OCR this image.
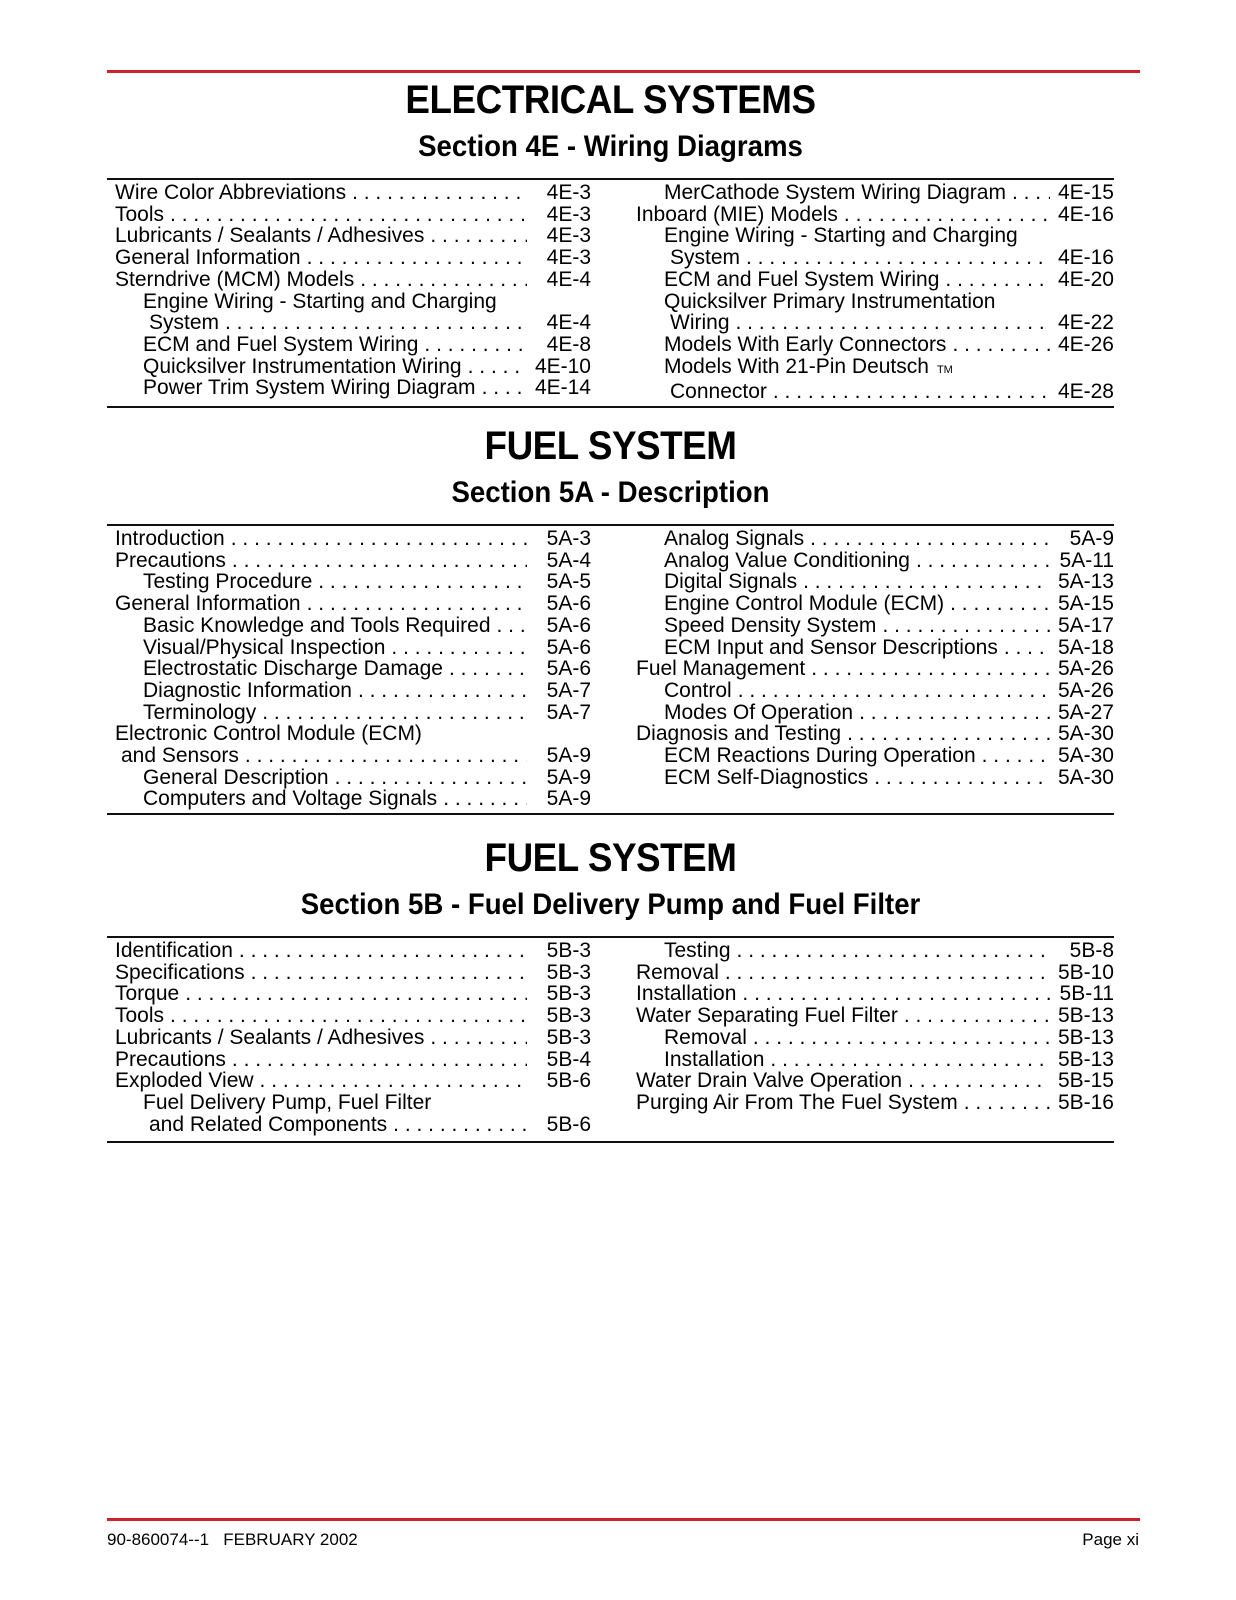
ELECTRICAL SYSTEMS
Section 4E - Wiring Diagrams
Wire Color Abbreviations . . .	4E-3
Tools . . .	4E-3
Lubricants / Sealants / Adhesives . . .	4E-3
General Information . . .	4E-3
Sterndrive (MCM) Models . . .	4E-4
Engine Wiring - Starting and Charging
System . . .	4E-4
ECM and Fuel System Wiring . . .	4E-8
Quicksilver Instrumentation Wiring . . .	4E-10
Power Trim System Wiring Diagram . . .	4E-14
MerCathode System Wiring Diagram . . . 4E-15
Inboard (MIE) Models . . .	4E-16
Engine Wiring - Starting and Charging
System . . .	4E-16
ECM and Fuel System Wiring . . .	4E-20
Quicksilver Primary Instrumentation
Wiring . . .	4E-22
Models With Early Connectors . . .	4E-26
Models With 21-Pin Deutsch TM
Connector . . .	4E-28
FUEL SYSTEM
Section 5A - Description
Introduction . . .	5A-3
Precautions . . .	5A-4
Testing Procedure . . .	5A-5
General Information . . .	5A-6
Basic Knowledge and Tools Required . . .	5A-6
Visual/Physical Inspection . . .	5A-6
Electrostatic Discharge Damage . . .	5A-6
Diagnostic Information . . .	5A-7
Terminology . . .	5A-7
Electronic Control Module (ECM)
and Sensors . . .	5A-9
General Description . . .	5A-9
Computers and Voltage Signals . . .	5A-9
Analog Signals . . .	5A-9
Analog Value Conditioning . . .	5A-11
Digital Signals . . .	5A-13
Engine Control Module (ECM) . . .	5A-15
Speed Density System . . .	5A-17
ECM Input and Sensor Descriptions . . .	5A-18
Fuel Management . . .	5A-26
Control . . .	5A-26
Modes Of Operation . . .	5A-27
Diagnosis and Testing . . .	5A-30
ECM Reactions During Operation . . .	5A-30
ECM Self-Diagnostics . . .	5A-30
FUEL SYSTEM
Section 5B - Fuel Delivery Pump and Fuel Filter
Identification . . .	5B-3
Specifications . . .	5B-3
Torque . . .	5B-3
Tools . . .	5B-3
Lubricants / Sealants / Adhesives . . .	5B-3
Precautions . . .	5B-4
Exploded View . . .	5B-6
Fuel Delivery Pump, Fuel Filter
and Related Components . . .	5B-6
Testing . . .	5B-8
Removal . . .	5B-10
Installation . . .	5B-11
Water Separating Fuel Filter . . .	5B-13
Removal . . .	5B-13
Installation . . .	5B-13
Water Drain Valve Operation . . .	5B-15
Purging Air From The Fuel System . . .	5B-16
90-860074--1 FEBRUARY 2002	Page xi
